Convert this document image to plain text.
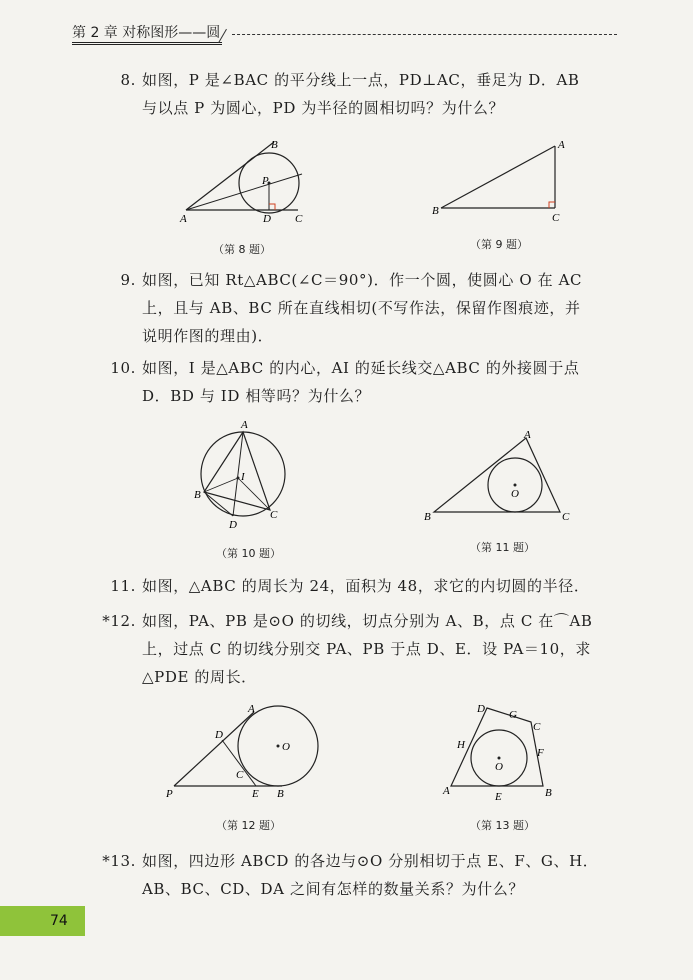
第 2 章 对称图形——圆
8. 如图，P 是∠BAC 的平分线上一点，PD⊥AC，垂足为 D．AB
与以点 P 为圆心，PD 为半径的圆相切吗？为什么？
A
B
P
D C
（第 8 题）
A
B
C
（第 9 题）
9. 如图，已知 Rt△ABC(∠C＝90°)．作一个圆，使圆心 O 在 AC
上，且与 AB、BC 所在直线相切(不写作法，保留作图痕迹，并
说明作图的理由)．
10. 如图，I 是△ABC 的内心，AI 的延长线交△ABC 的外接圆于点
D．BD 与 ID 相等吗？为什么？
A
B
C
D
I
（第 10 题）
A
B	C
O
（第 11 题）
11. 如图，△ABC 的周长为 24，面积为 48，求它的内切圆的半径．
*12. 如图，PA、PB 是⊙O 的切线，切点分别为 A、B，点 C 在⌒AB
上，过点 C 的切线分别交 PA、PB 于点 D、E．设 PA＝10，求
△PDE 的周长．
A
B
C
D
E
O
P
（第 12 题）
A	B
C
D
E
F
G
H
O
（第 13 题）
*13. 如图，四边形 ABCD 的各边与⊙O 分别相切于点 E、F、G、H．
AB、BC、CD、DA 之间有怎样的数量关系？为什么？
74
